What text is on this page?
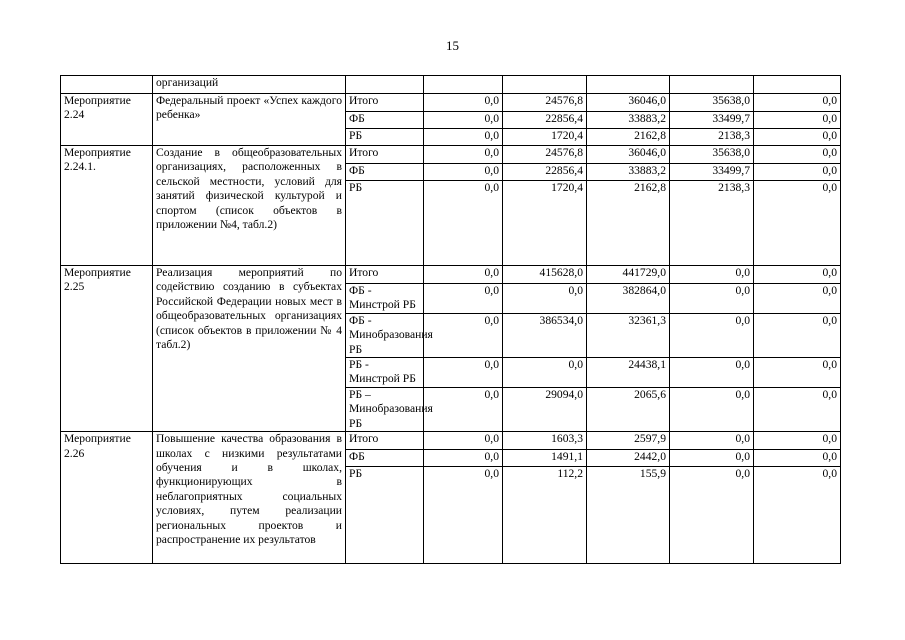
15
	организаций						

Мероприятие
2.24	Федеральный проект «Успех каждого ребенка»	Итого	0,0	24576,8	36046,0	35638,0	0,0
		ФБ	0,0	22856,4	33883,2	33499,7	0,0
		РБ	0,0	1720,4	2162,8	2138,3	0,0

Мероприятие
2.24.1.	Создание в общеобразовательных организациях, расположенных в сельской местности, условий для занятий физической культурой и спортом (список объектов в приложении №4, табл.2)	Итого	0,0	24576,8	36046,0	35638,0	0,0
		ФБ	0,0	22856,4	33883,2	33499,7	0,0
		РБ	0,0	1720,4	2162,8	2138,3	0,0

Мероприятие
2.25	Реализация мероприятий по содействию созданию в субъектах Российской Федерации новых мест в общеобразовательных организациях (список объектов в приложении № 4 табл.2)	Итого	0,0	415628,0	441729,0	0,0	0,0
		ФБ - Минстрой РБ	0,0	0,0	382864,0	0,0	0,0
		ФБ - Минобразования РБ	0,0	386534,0	32361,3	0,0	0,0
		РБ - Минстрой РБ	0,0	0,0	24438,1	0,0	0,0
		РБ – Минобразования РБ	0,0	29094,0	2065,6	0,0	0,0

Мероприятие
2.26	Повышение качества образования в школах с низкими результатами обучения и в школах, функционирующих в неблагоприятных социальных условиях, путем реализации региональных проектов и распространение их результатов	Итого	0,0	1603,3	2597,9	0,0	0,0
		ФБ	0,0	1491,1	2442,0	0,0	0,0
		РБ	0,0	112,2	155,9	0,0	0,0
